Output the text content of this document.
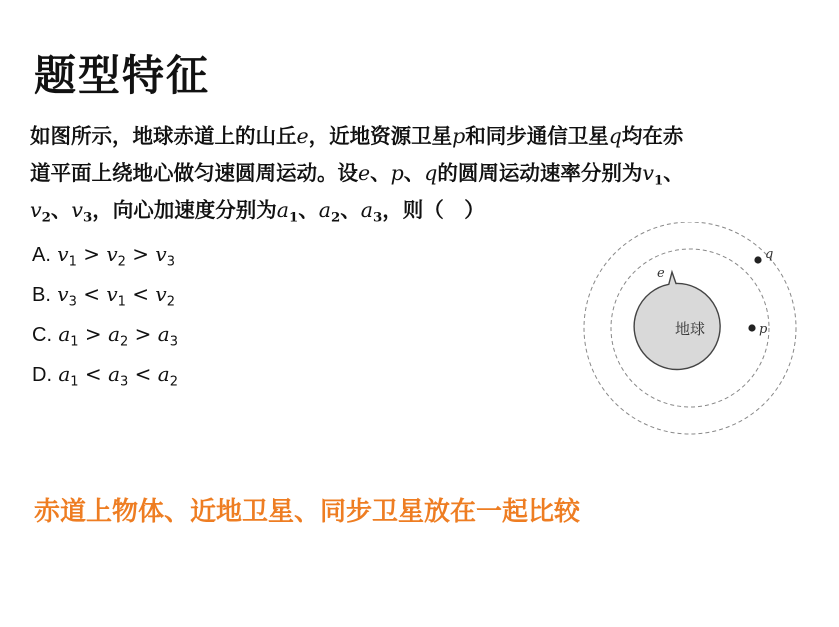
题型特征
如图所示，地球赤道上的山丘e，近地资源卫星p和同步通信卫星q均在赤
道平面上绕地心做匀速圆周运动。设e、p、q的圆周运动速率分别为$v_1$、
$v_2$、$v_3$，向心加速度分别为$a_1$、$a_2$、$a_3$，则（　）
A. $v_1 > v_2 > v_3$
B. $v_3 < v_1 < v_2$
C. $a_1 > a_2 > a_3$
D. $a_1 < a_3 < a_2$
地球
e
p
q
赤道上物体、近地卫星、同步卫星放在一起比较
